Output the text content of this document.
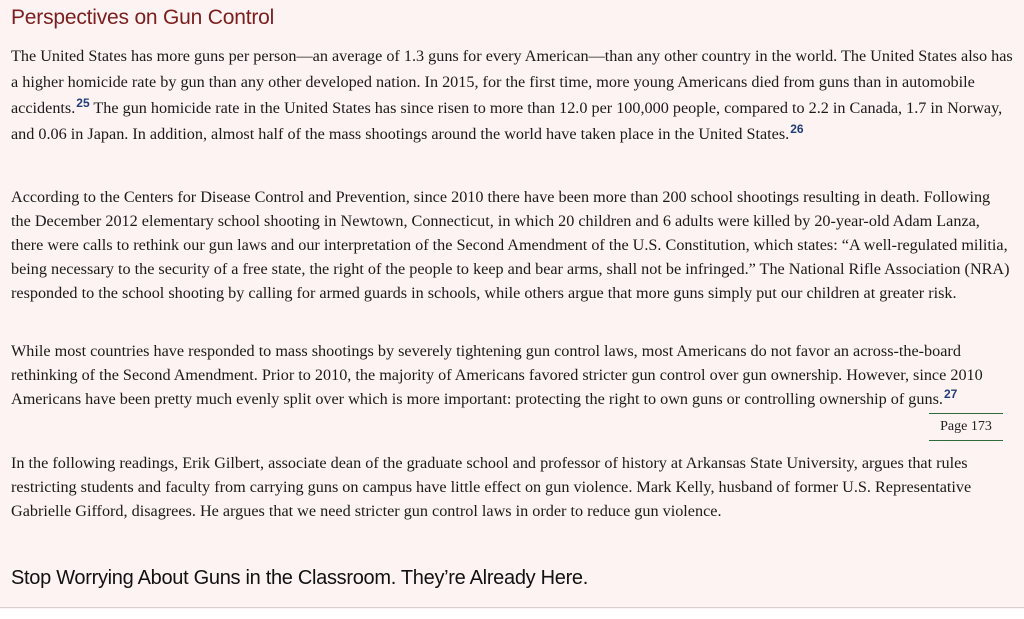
Perspectives on Gun Control

The United States has more guns per person—an average of 1.3 guns for every American—than any other country in the world. The United States also has a higher homicide rate by gun than any other developed nation. In 2015, for the first time, more young Americans died from guns than in automobile accidents.$^{25}$ The gun homicide rate in the United States has since risen to more than 12.0 per 100,000 people, compared to 2.2 in Canada, 1.7 in Norway, and 0.06 in Japan. In addition, almost half of the mass shootings around the world have taken place in the United States.$^{26}$

According to the Centers for Disease Control and Prevention, since 2010 there have been more than 200 school shootings resulting in death. Following the December 2012 elementary school shooting in Newtown, Connecticut, in which 20 children and 6 adults were killed by 20-year-old Adam Lanza, there were calls to rethink our gun laws and our interpretation of the Second Amendment of the U.S. Constitution, which states: “A well-regulated militia, being necessary to the security of a free state, the right of the people to keep and bear arms, shall not be infringed.” The National Rifle Association (NRA) responded to the school shooting by calling for armed guards in schools, while others argue that more guns simply put our children at greater risk.

While most countries have responded to mass shootings by severely tightening gun control laws, most Americans do not favor an across-the-board rethinking of the Second Amendment. Prior to 2010, the majority of Americans favored stricter gun control over gun ownership. However, since 2010 Americans have been pretty much evenly split over which is more important: protecting the right to own guns or controlling ownership of guns.$^{27}$

Page 173

In the following readings, Erik Gilbert, associate dean of the graduate school and professor of history at Arkansas State University, argues that rules restricting students and faculty from carrying guns on campus have little effect on gun violence. Mark Kelly, husband of former U.S. Representative Gabrielle Gifford, disagrees. He argues that we need stricter gun control laws in order to reduce gun violence.

Stop Worrying About Guns in the Classroom. They’re Already Here.
